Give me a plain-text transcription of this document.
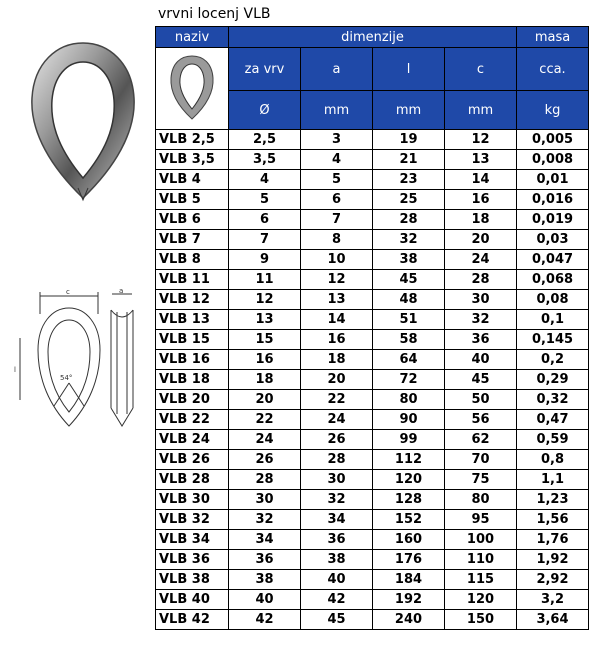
vrvni locenj VLB
c	a
l
54°
naziv	dimenzije				masa
	za vrv	a	l	c	cca.
	Ø	mm	mm	mm	kg
VLB 2,5	2,5	3	19	12	0,005
VLB 3,5	3,5	4	21	13	0,008
VLB 4	4	5	23	14	0,01
VLB 5	5	6	25	16	0,016
VLB 6	6	7	28	18	0,019
VLB 7	7	8	32	20	0,03
VLB 8	9	10	38	24	0,047
VLB 11	11	12	45	28	0,068
VLB 12	12	13	48	30	0,08
VLB 13	13	14	51	32	0,1
VLB 15	15	16	58	36	0,145
VLB 16	16	18	64	40	0,2
VLB 18	18	20	72	45	0,29
VLB 20	20	22	80	50	0,32
VLB 22	22	24	90	56	0,47
VLB 24	24	26	99	62	0,59
VLB 26	26	28	112	70	0,8
VLB 28	28	30	120	75	1,1
VLB 30	30	32	128	80	1,23
VLB 32	32	34	152	95	1,56
VLB 34	34	36	160	100	1,76
VLB 36	36	38	176	110	1,92
VLB 38	38	40	184	115	2,92
VLB 40	40	42	192	120	3,2
VLB 42	42	45	240	150	3,64
